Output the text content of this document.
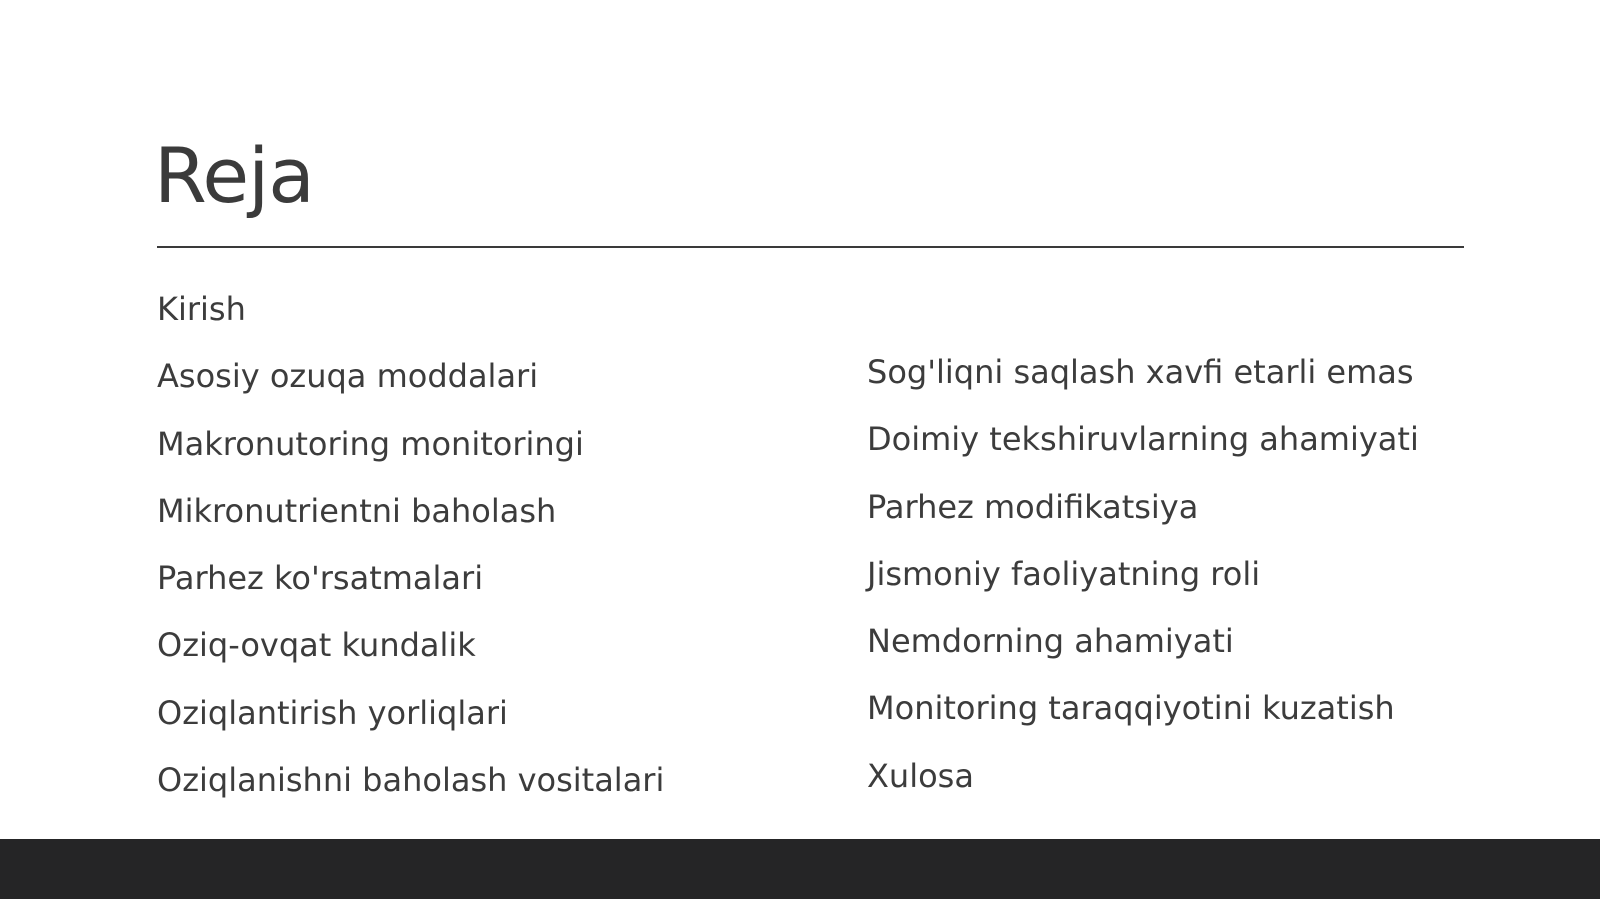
Reja
Kirish
Asosiy ozuqa moddalari
Makronutoring monitoringi
Mikronutrientni baholash
Parhez ko'rsatmalari
Oziq-ovqat kundalik
Oziqlantirish yorliqlari
Oziqlanishni baholash vositalari
Sog'liqni saqlash xavfi etarli emas
Doimiy tekshiruvlarning ahamiyati
Parhez modifikatsiya
Jismoniy faoliyatning roli
Nemdorning ahamiyati
Monitoring taraqqiyotini kuzatish
Xulosa
